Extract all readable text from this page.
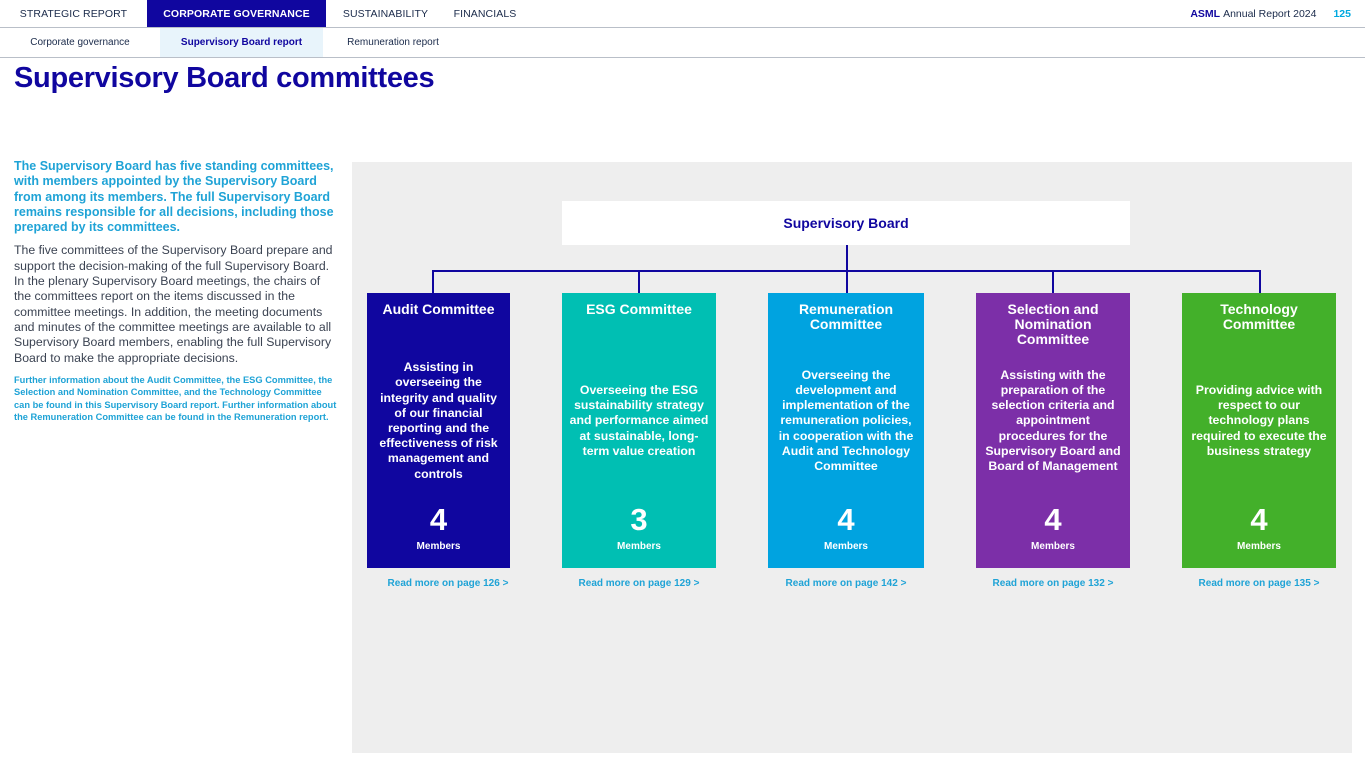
STRATEGIC REPORT	CORPORATE GOVERNANCE	SUSTAINABILITY	FINANCIALS	ASML Annual Report 2024 125
Corporate governance	Supervisory Board report	Remuneration report
Supervisory Board committees

The Supervisory Board has five standing committees, with members appointed by the Supervisory Board from among its members. The full Supervisory Board remains responsible for all decisions, including those prepared by its committees.

The five committees of the Supervisory Board prepare and support the decision-making of the full Supervisory Board. In the plenary Supervisory Board meetings, the chairs of the committees report on the items discussed in the committee meetings. In addition, the meeting documents and minutes of the committee meetings are available to all Supervisory Board members, enabling the full Supervisory Board to make the appropriate decisions.

Further information about the Audit Committee, the ESG Committee, the Selection and Nomination Committee, and the Technology Committee can be found in this Supervisory Board report. Further information about the Remuneration Committee can be found in the Remuneration report.

Supervisory Board
Audit Committee
Assisting in overseeing the integrity and quality of our financial reporting and the effectiveness of risk management and controls
4
Members
Read more on page 126 >
ESG Committee
Overseeing the ESG sustainability strategy and performance aimed at sustainable, long-term value creation
3
Members
Read more on page 129 >
Remuneration Committee
Overseeing the development and implementation of the remuneration policies, in cooperation with the Audit and Technology Committee
4
Members
Read more on page 142 >
Selection and Nomination Committee
Assisting with the preparation of the selection criteria and appointment procedures for the Supervisory Board and Board of Management
4
Members
Read more on page 132 >
Technology Committee
Providing advice with respect to our technology plans required to execute the business strategy
4
Members
Read more on page 135 >
